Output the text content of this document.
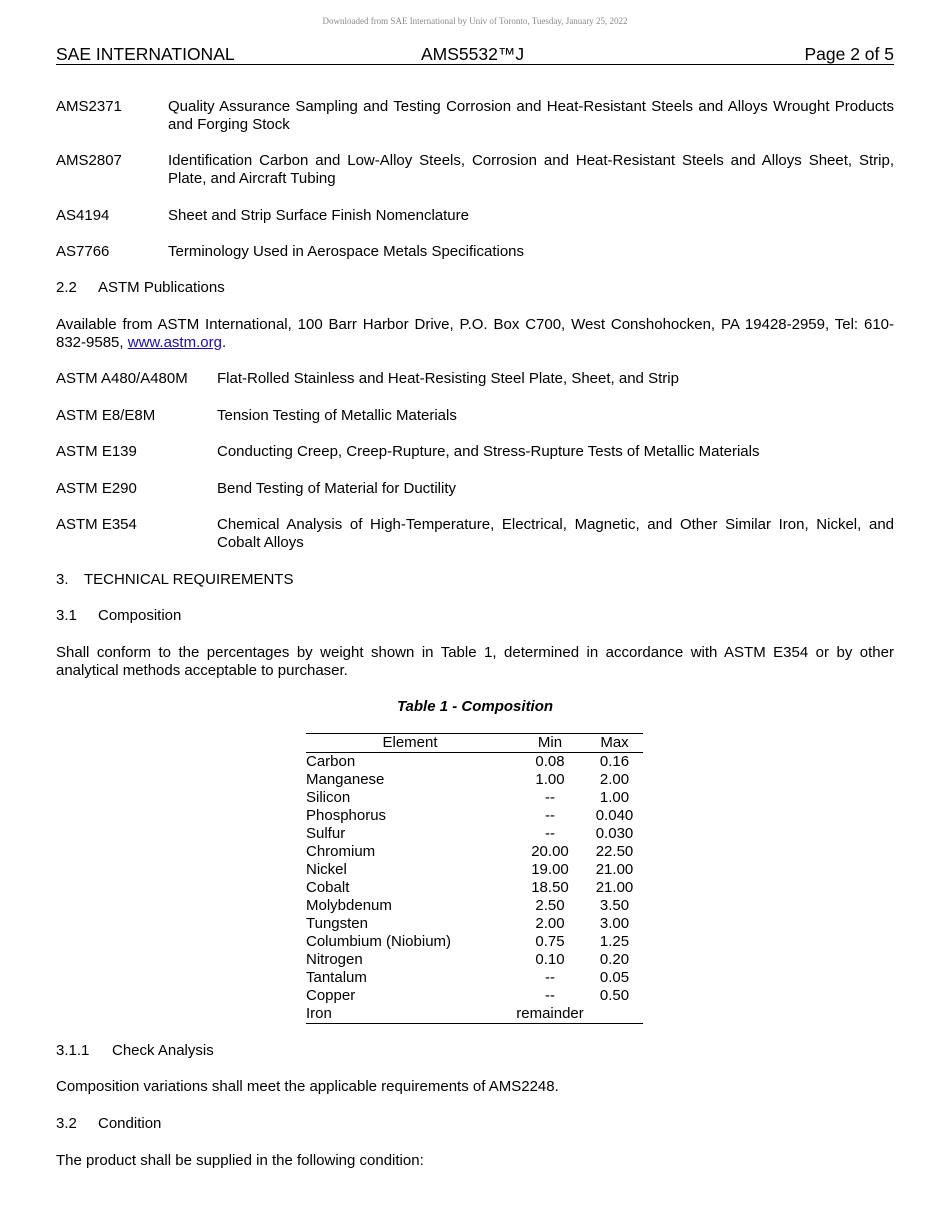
Downloaded from SAE International by Univ of Toronto, Tuesday, January 25, 2022
SAE INTERNATIONAL	AMS5532™J	Page 2 of 5
AMS2371	Quality Assurance Sampling and Testing Corrosion and Heat-Resistant Steels and Alloys Wrought Products and Forging Stock
AMS2807	Identification Carbon and Low-Alloy Steels, Corrosion and Heat-Resistant Steels and Alloys Sheet, Strip, Plate, and Aircraft Tubing
AS4194	Sheet and Strip Surface Finish Nomenclature
AS7766	Terminology Used in Aerospace Metals Specifications
2.2 ASTM Publications
Available from ASTM International, 100 Barr Harbor Drive, P.O. Box C700, West Conshohocken, PA 19428-2959, Tel: 610-832-9585, www.astm.org.
ASTM A480/A480M Flat-Rolled Stainless and Heat-Resisting Steel Plate, Sheet, and Strip
ASTM E8/E8M	Tension Testing of Metallic Materials
ASTM E139	Conducting Creep, Creep-Rupture, and Stress-Rupture Tests of Metallic Materials
ASTM E290	Bend Testing of Material for Ductility
ASTM E354	Chemical Analysis of High-Temperature, Electrical, Magnetic, and Other Similar Iron, Nickel, and Cobalt Alloys
3. TECHNICAL REQUIREMENTS
3.1 Composition
Shall conform to the percentages by weight shown in Table 1, determined in accordance with ASTM E354 or by other analytical methods acceptable to purchaser.
Table 1 - Composition
Element	Min	Max
Carbon	0.08	0.16
Manganese	1.00	2.00
Silicon	--	1.00
Phosphorus	--	0.040
Sulfur	--	0.030
Chromium	20.00	22.50
Nickel	19.00	21.00
Cobalt	18.50	21.00
Molybdenum	2.50	3.50
Tungsten	2.00	3.00
Columbium (Niobium)	0.75	1.25
Nitrogen	0.10	0.20
Tantalum	--	0.05
Copper	--	0.50
Iron	remainder	
3.1.1 Check Analysis
Composition variations shall meet the applicable requirements of AMS2248.
3.2 Condition
The product shall be supplied in the following condition:
